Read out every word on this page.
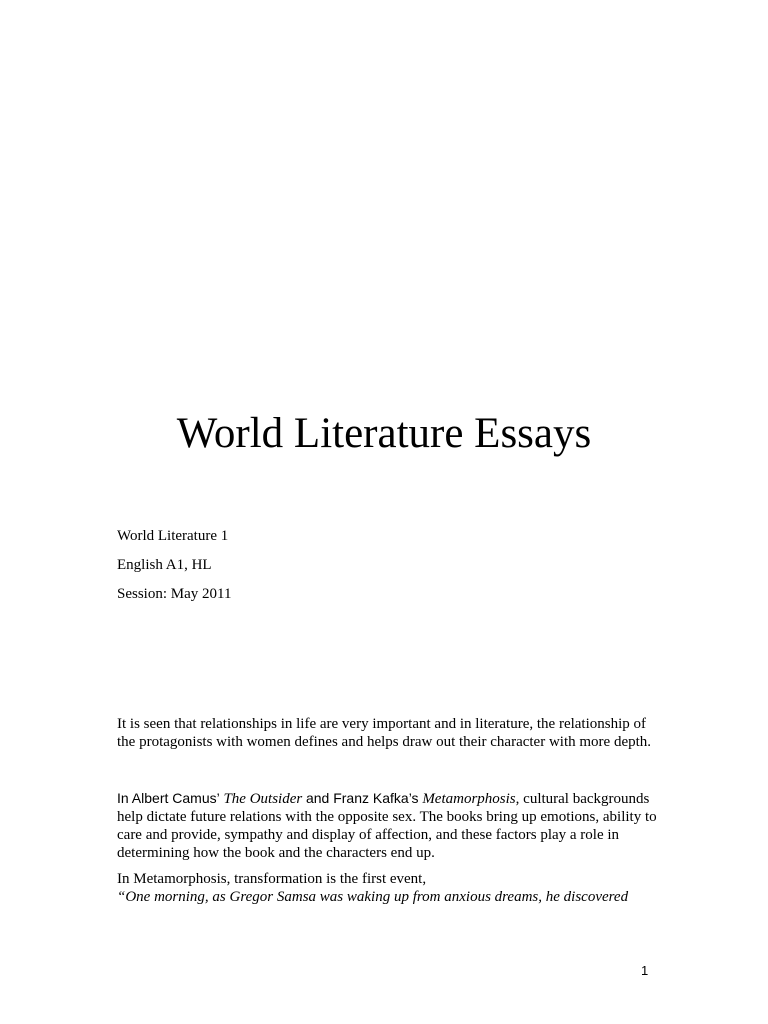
World Literature Essays
World Literature 1
English A1, HL
Session: May 2011

It is seen that relationships in life are very important and in literature, the relationship of the protagonists with women defines and helps draw out their character with more depth.

In Albert Camus’ The Outsider and Franz Kafka’s Metamorphosis, cultural backgrounds help dictate future relations with the opposite sex. The books bring up emotions, ability to care and provide, sympathy and display of affection, and these factors play a role in determining how the book and the characters end up.

In Metamorphosis, transformation is the first event,
“One morning, as Gregor Samsa was waking up from anxious dreams, he discovered

1
